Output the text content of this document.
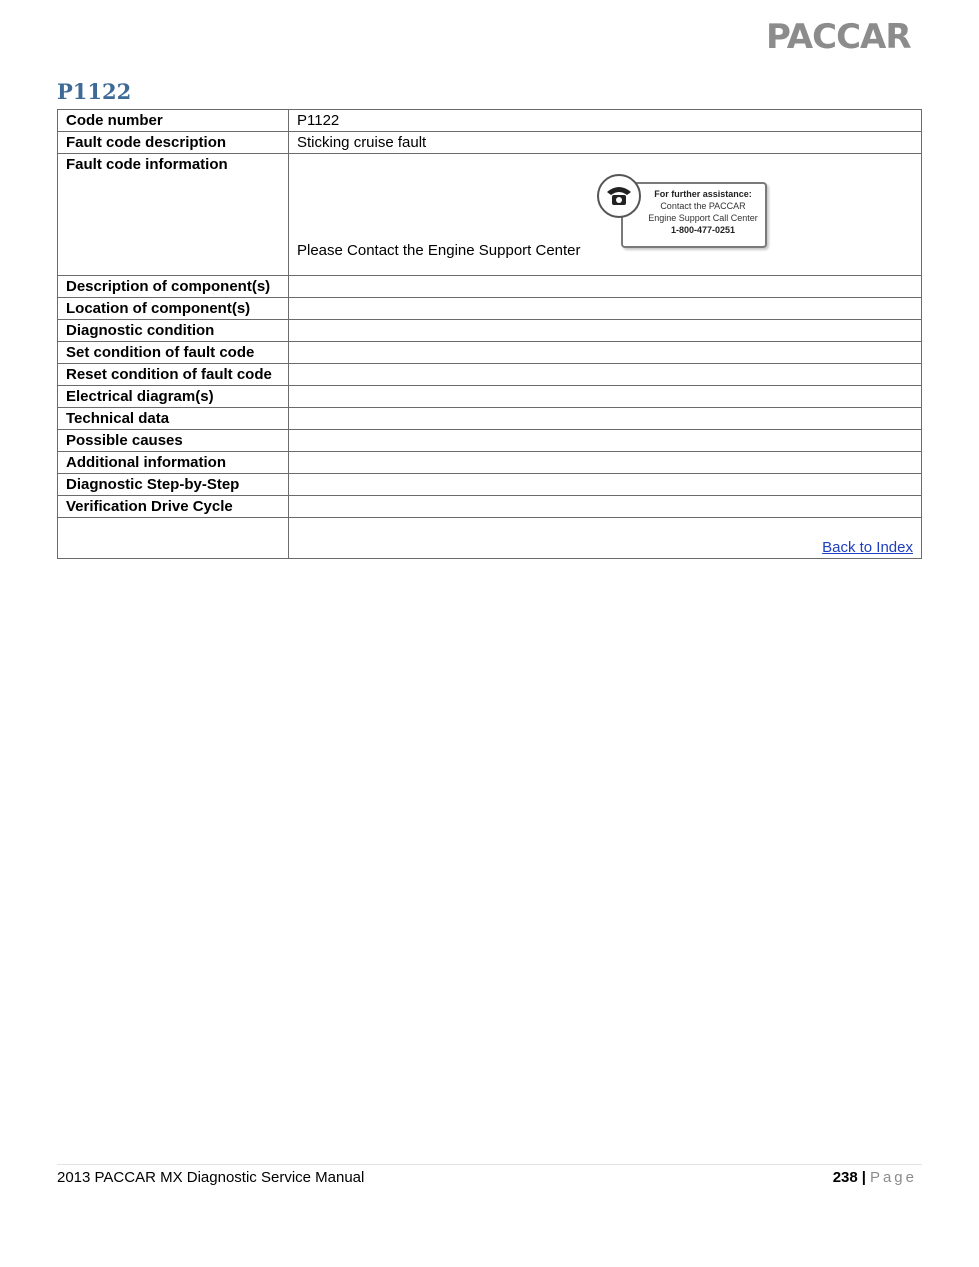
PACCAR
P1122
Code number	P1122
Fault code description	Sticking cruise fault
Fault code information	Please Contact the Engine Support Center
For further assistance:
Contact the PACCAR
Engine Support Call Center
1-800-477-0251

Description of component(s)	
Location of component(s)	
Diagnostic condition	
Set condition of fault code	
Reset condition of fault code	
Electrical diagram(s)	
Technical data	
Possible causes	
Additional information	
Diagnostic Step-by-Step	
Verification Drive Cycle	
	Back to Index
2013 PACCAR MX Diagnostic Service Manual	238 | Page
